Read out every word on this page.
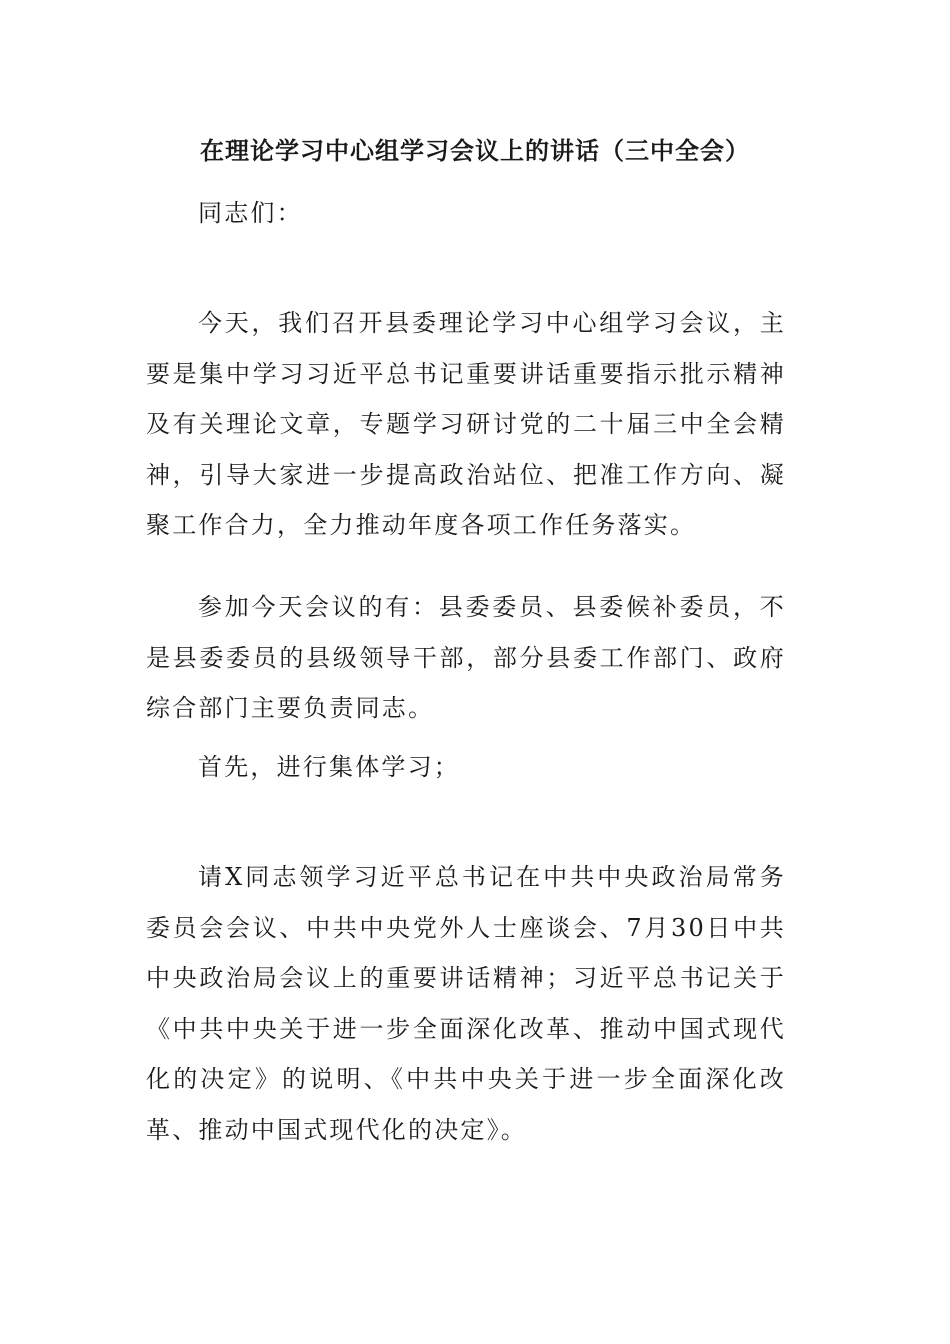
在理论学习中心组学习会议上的讲话（三中全会）

同志们：

今天，我们召开县委理论学习中心组学习会议，主要是集中学习习近平总书记重要讲话重要指示批示精神及有关理论文章，专题学习研讨党的二十届三中全会精神，引导大家进一步提高政治站位、把准工作方向、凝聚工作合力，全力推动年度各项工作任务落实。

参加今天会议的有：县委委员、县委候补委员，不是县委委员的县级领导干部，部分县委工作部门、政府综合部门主要负责同志。

首先，进行集体学习；

请X同志领学习近平总书记在中共中央政治局常务委员会会议、中共中央党外人士座谈会、7月30日中共中央政治局会议上的重要讲话精神；习近平总书记关于《中共中央关于进一步全面深化改革、推动中国式现代化的决定》的说明、《中共中央关于进一步全面深化改革、推动中国式现代化的决定》。
